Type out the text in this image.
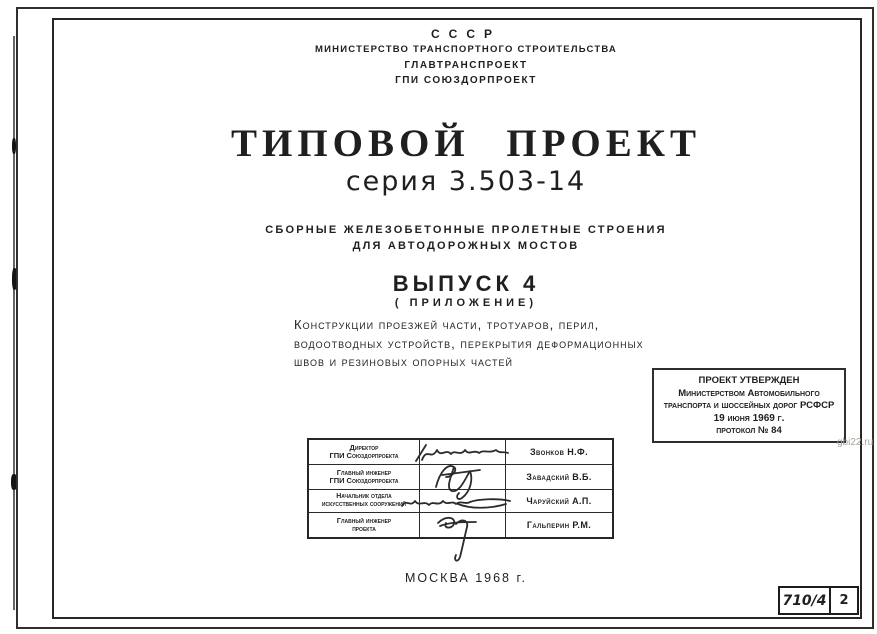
СССР
МИНИСТЕРСТВО ТРАНСПОРТНОГО СТРОИТЕЛЬСТВА
ГЛАВТРАНСПРОЕКТ
ГПИ СОЮЗДОРПРОЕКТ
ТИПОВОЙ ПРОЕКТ
серия 3.503-14
СБОРНЫЕ ЖЕЛЕЗОБЕТОННЫЕ ПРОЛЕТНЫЕ СТРОЕНИЯ
ДЛЯ АВТОДОРОЖНЫХ МОСТОВ
ВЫПУСК 4
( ПРИЛОЖЕНИЕ)
Конструкции проезжей части, тротуаров, перил,
водоотводных устройств, перекрытия деформационных
швов и резиновых опорных частей
ПРОЕКТ УТВЕРЖДЕН
Министерством Автомобильного
транспорта и шоссейных дорог РСФСР
19 июня 1969 г.
протокол № 84
gbi22.ru
Директор
ГПИ Союздорпроекта	Звонков Н.Ф.
Главный инженер
ГПИ Союздорпроекта	Завадский В.Б.
Начальник отдела
искусственных сооружений	Чаруйский А.П.
Главный инженер
проекта	Гальперин Р.М.
МОСКВА 1968 г.
710/4 2
